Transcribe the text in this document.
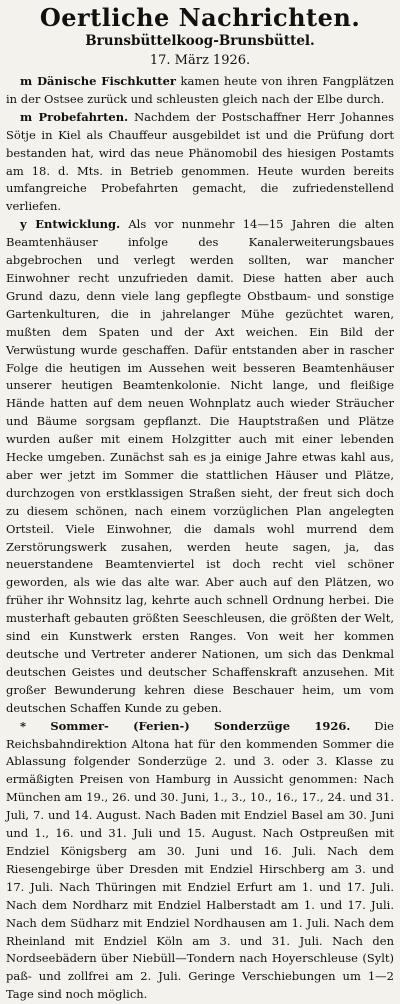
Oertliche Nachrichten.
Brunsbüttelkoog-Brunsbüttel.
17. März 1926.

m Dänische Fischkutter kamen heute von ihren Fangplätzen in der Ostsee zurück und schleusten gleich nach der Elbe durch.

m Probefahrten. Nachdem der Postschaffner Herr Johannes Sötje in Kiel als Chauffeur ausgebildet ist und die Prüfung dort bestanden hat, wird das neue Phänomobil des hiesigen Postamts am 18. d. Mts. in Betrieb genommen. Heute wurden bereits umfangreiche Probefahrten gemacht, die zufriedenstellend verliefen.

y Entwicklung. Als vor nunmehr 14—15 Jahren die alten Beamtenhäuser infolge des Kanalerweiterungsbaues abgebrochen und verlegt werden sollten, war mancher Einwohner recht unzufrieden damit. Diese hatten aber auch Grund dazu, denn viele lang gepflegte Obstbaum- und sonstige Gartenkulturen, die in jahrelanger Mühe gezüchtet waren, mußten dem Spaten und der Axt weichen. Ein Bild der Verwüstung wurde geschaffen. Dafür entstanden aber in rascher Folge die heutigen im Aussehen weit besseren Beamtenhäuser unserer heutigen Beamtenkolonie. Nicht lange, und fleißige Hände hatten auf dem neuen Wohnplatz auch wieder Sträucher und Bäume sorgsam gepflanzt. Die Hauptstraßen und Plätze wurden außer mit einem Holzgitter auch mit einer lebenden Hecke umgeben. Zunächst sah es ja einige Jahre etwas kahl aus, aber wer jetzt im Sommer die stattlichen Häuser und Plätze, durchzogen von erstklassigen Straßen sieht, der freut sich doch zu diesem schönen, nach einem vorzüglichen Plan angelegten Ortsteil. Viele Einwohner, die damals wohl murrend dem Zerstörungswerk zusahen, werden heute sagen, ja, das neuerstandene Beamtenviertel ist doch recht viel schöner geworden, als wie das alte war. Aber auch auf den Plätzen, wo früher ihr Wohnsitz lag, kehrte auch schnell Ordnung herbei. Die musterhaft gebauten größten Seeschleusen, die größten der Welt, sind ein Kunstwerk ersten Ranges. Von weit her kommen deutsche und Vertreter anderer Nationen, um sich das Denkmal deutschen Geistes und deutscher Schaffenskraft anzusehen. Mit großer Bewunderung kehren diese Beschauer heim, um vom deutschen Schaffen Kunde zu geben.

* Sommer- (Ferien-) Sonderzüge 1926. Die Reichsbahndirektion Altona hat für den kommenden Sommer die Ablassung folgender Sonderzüge 2. und 3. oder 3. Klasse zu ermäßigten Preisen von Hamburg in Aussicht genommen: Nach München am 19., 26. und 30. Juni, 1., 3., 10., 16., 17., 24. und 31. Juli, 7. und 14. August. Nach Baden mit Endziel Basel am 30. Juni und 1., 16. und 31. Juli und 15. August. Nach Ostpreußen mit Endziel Königsberg am 30. Juni und 16. Juli. Nach dem Riesengebirge über Dresden mit Endziel Hirschberg am 3. und 17. Juli. Nach Thüringen mit Endziel Erfurt am 1. und 17. Juli. Nach dem Nordharz mit Endziel Halberstadt am 1. und 17. Juli. Nach dem Südharz mit Endziel Nordhausen am 1. Juli. Nach dem Rheinland mit Endziel Köln am 3. und 31. Juli. Nach den Nordseebädern über Niebüll—Tondern nach Hoyerschleuse (Sylt) paß- und zollfrei am 2. Juli. Geringe Verschiebungen um 1—2 Tage sind noch möglich.
